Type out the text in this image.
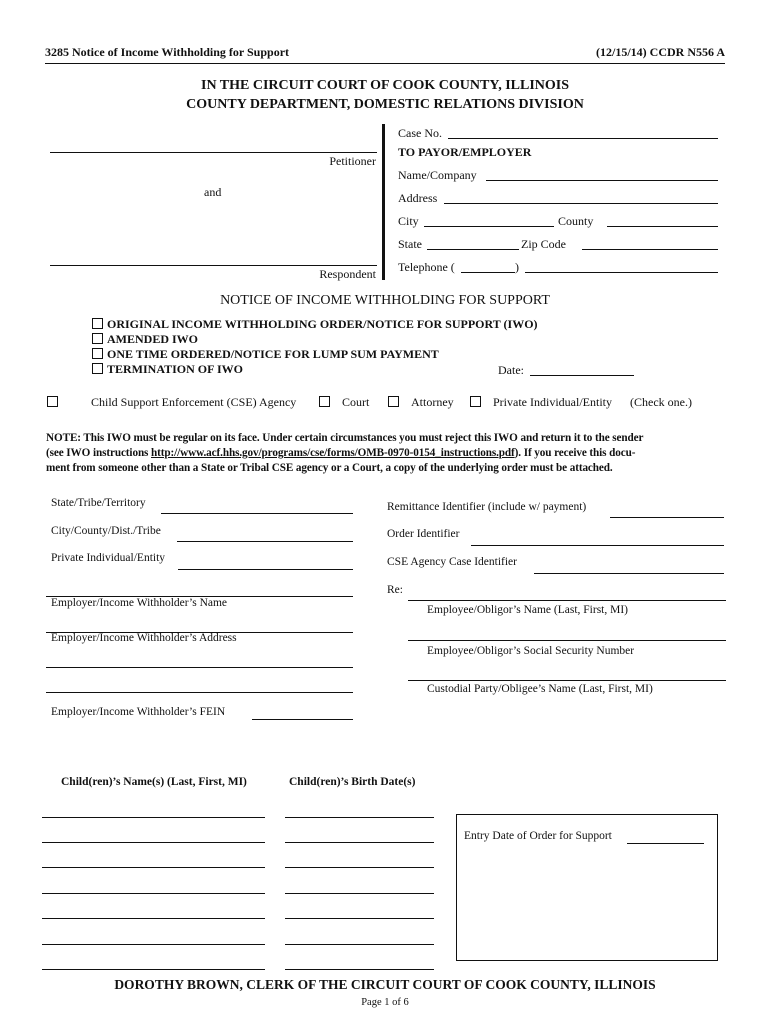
3285 Notice of Income Withholding for Support	(12/15/14) CCDR N556 A
IN THE CIRCUIT COURT OF COOK COUNTY, ILLINOIS
COUNTY DEPARTMENT, DOMESTIC RELATIONS DIVISION
Petitioner
and
Respondent
Case No.
TO PAYOR/EMPLOYER
Name/Company
Address
City	County
State	Zip Code
Telephone (	)
NOTICE OF INCOME WITHHOLDING FOR SUPPORT
ORIGINAL INCOME WITHHOLDING ORDER/NOTICE FOR SUPPORT (IWO)
AMENDED IWO
ONE TIME ORDERED/NOTICE FOR LUMP SUM PAYMENT
TERMINATION OF IWO	Date:
Child Support Enforcement (CSE) Agency	Court	Attorney	Private Individual/Entity (Check one.)
NOTE: This IWO must be regular on its face. Under certain circumstances you must reject this IWO and return it to the sender
(see IWO instructions http://www.acf.hhs.gov/programs/cse/forms/OMB-0970-0154_instructions.pdf). If you receive this docu-
ment from someone other than a State or Tribal CSE agency or a Court, a copy of the underlying order must be attached.
State/Tribe/Territory
City/County/Dist./Tribe
Private Individual/Entity
Employer/Income Withholder’s Name
Employer/Income Withholder’s Address
Employer/Income Withholder’s FEIN
Remittance Identifier (include w/ payment)
Order Identifier
CSE Agency Case Identifier
Re:
Employee/Obligor’s Name (Last, First, MI)
Employee/Obligor’s Social Security Number
Custodial Party/Obligee’s Name (Last, First, MI)
Child(ren)’s Name(s) (Last, First, MI)	Child(ren)’s Birth Date(s)
Entry Date of Order for Support
DOROTHY BROWN, CLERK OF THE CIRCUIT COURT OF COOK COUNTY, ILLINOIS
Page 1 of 6
